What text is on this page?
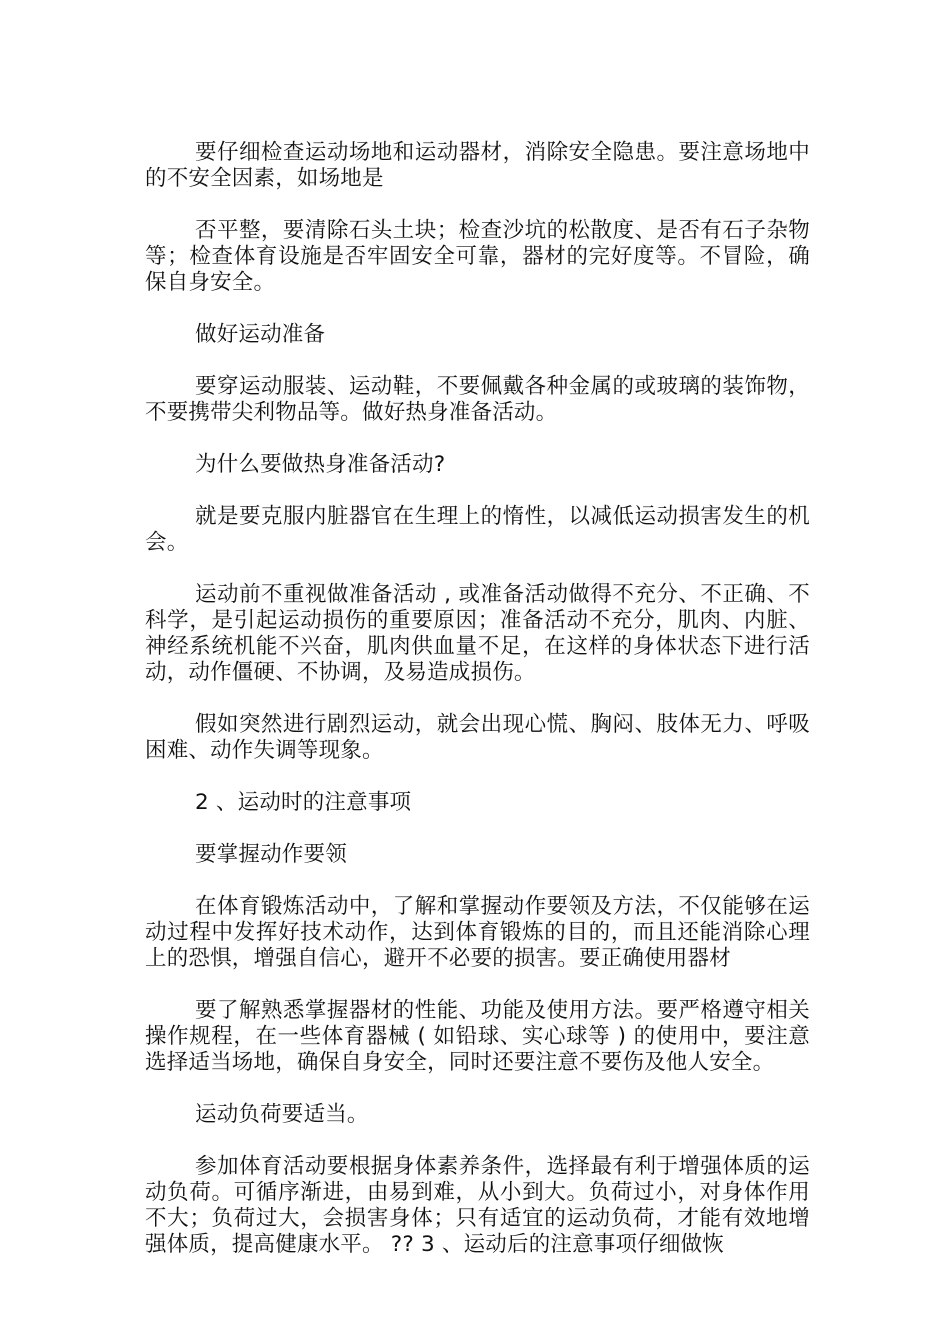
要仔细检查运动场地和运动器材，消除安全隐患。要注意场地中的不安全因素，如场地是

否平整，要清除石头土块；检查沙坑的松散度、是否有石子杂物等；检查体育设施是否牢固安全可靠，器材的完好度等。不冒险，确保自身安全。

做好运动准备

要穿运动服装、运动鞋，不要佩戴各种金属的或玻璃的装饰物，不要携带尖利物品等。做好热身准备活动。

为什么要做热身准备活动?

就是要克服内脏器官在生理上的惰性，以减低运动损害发生的机会。

运动前不重视做准备活动 , 或准备活动做得不充分、不正确、不科学，是引起运动损伤的重要原因；准备活动不充分，肌肉、内脏、神经系统机能不兴奋，肌肉供血量不足，在这样的身体状态下进行活动，动作僵硬、不协调，及易造成损伤。

假如突然进行剧烈运动，就会出现心慌、胸闷、肢体无力、呼吸困难、动作失调等现象。

2 、运动时的注意事项

要掌握动作要领

在体育锻炼活动中，了解和掌握动作要领及方法，不仅能够在运动过程中发挥好技术动作，达到体育锻炼的目的，而且还能消除心理上的恐惧，增强自信心，避开不必要的损害。要正确使用器材

要了解熟悉掌握器材的性能、功能及使用方法。要严格遵守相关操作规程，在一些体育器械 ( 如铅球、实心球等 ) 的使用中，要注意选择适当场地，确保自身安全，同时还要注意不要伤及他人安全。

运动负荷要适当。

参加体育活动要根据身体素养条件，选择最有利于增强体质的运动负荷。可循序渐进，由易到难，从小到大。负荷过小，对身体作用不大；负荷过大，会损害身体；只有适宜的运动负荷，才能有效地增强体质，提高健康水平。 ?? 3 、运动后的注意事项仔细做恢
